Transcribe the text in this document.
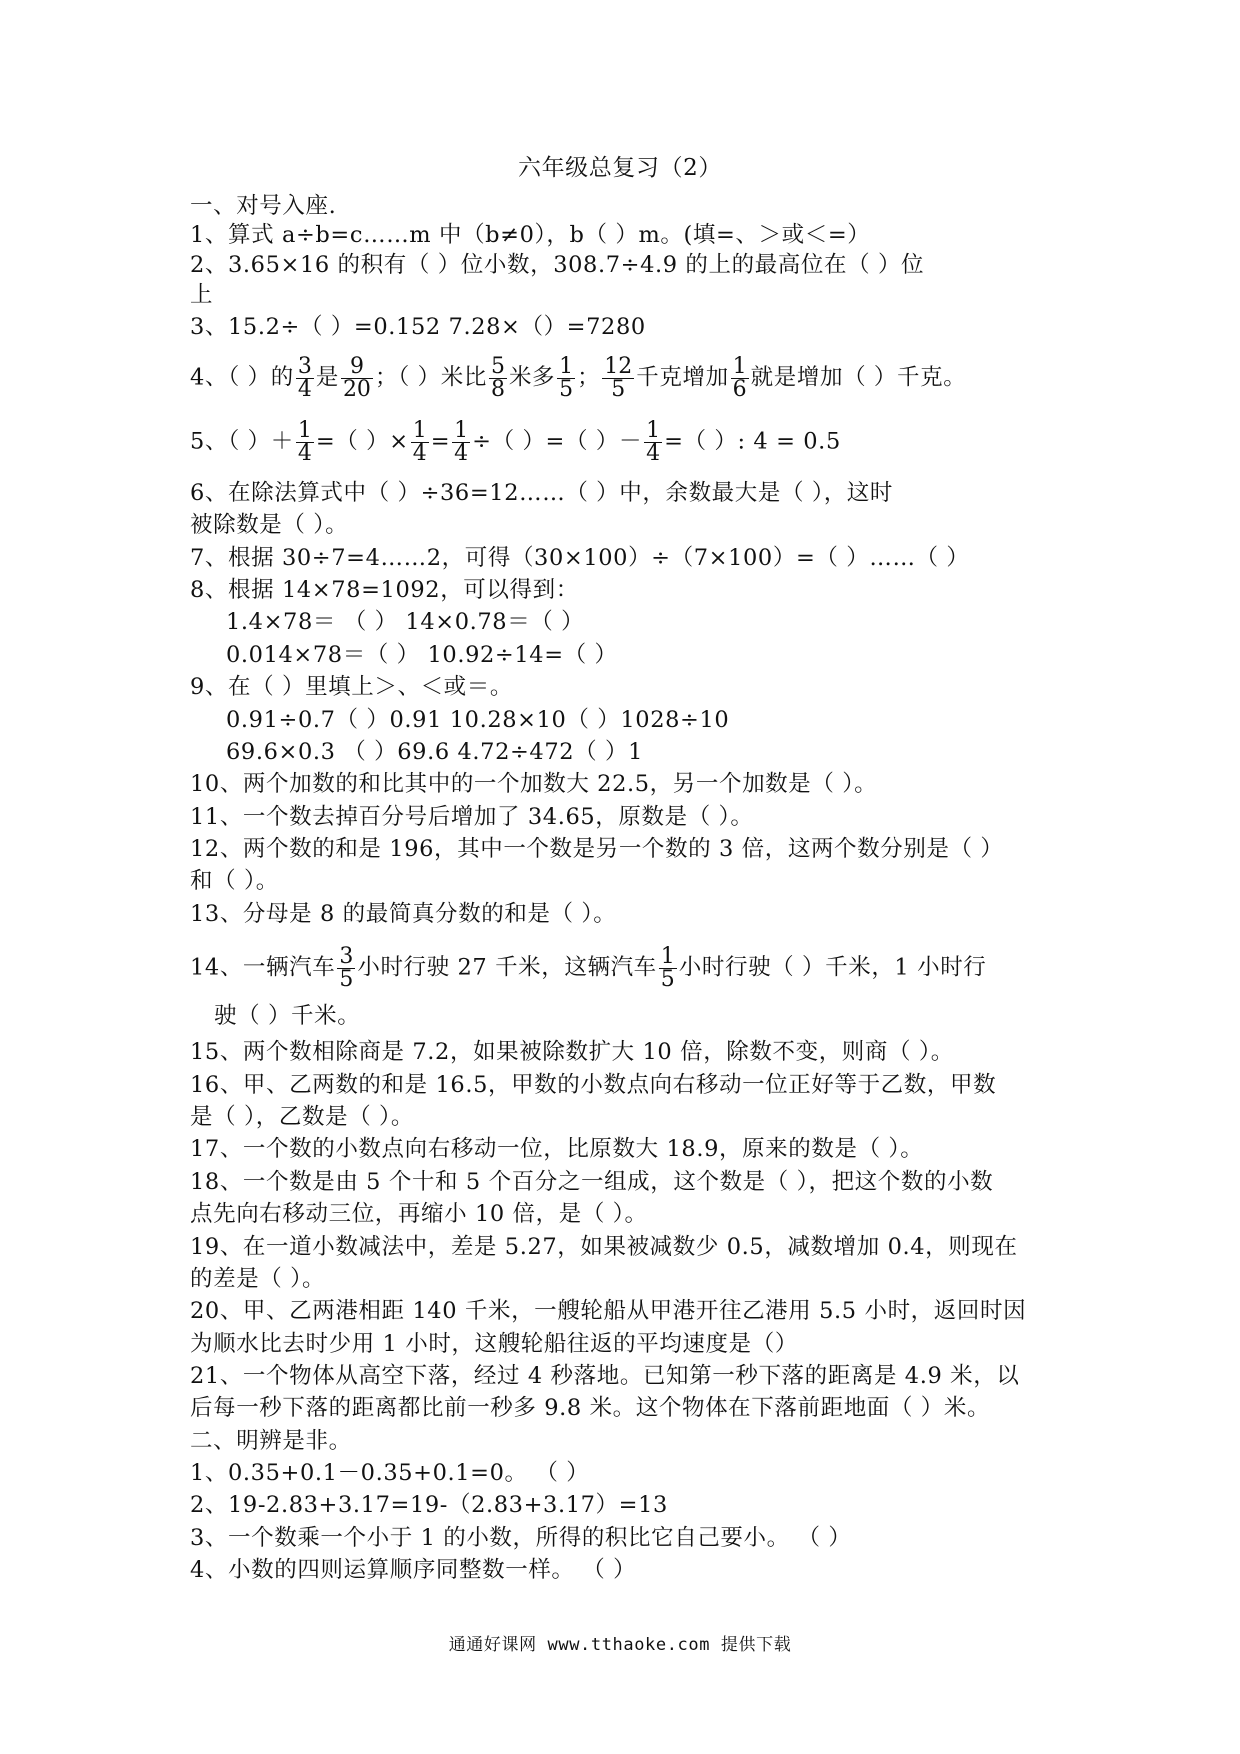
六年级总复习（2）
一、对号入座.
1、算式 a÷b=c……m 中（b≠0），b（ ）m。(填=、＞或＜=）
2、3.65×16 的积有（ ）位小数，308.7÷4.9 的上的最高位在（ ）位
上
3、15.2÷（ ）=0.152 7.28×（）=7280
4、（ ）的 $\frac{3}{4}$ 是 $\frac{9}{20}$ ；（ ）米比 $\frac{5}{8}$ 米多 $\frac{1}{5}$ ； $\frac{12}{5}$ 千克增加 $\frac{1}{6}$ 就是增加（ ）千克。
5、（ ）＋ $\frac{1}{4}$ =（ ）× $\frac{1}{4} = \frac{1}{4}$ ÷（ ）=（ ）－ $\frac{1}{4}$ =（ ）: 4 = 0.5
6、在除法算式中（ ）÷36=12……（ ）中，余数最大是（ ），这时
被除数是（ ）。
7、根据 30÷7=4……2，可得（30×100）÷（7×100）=（ ）……（ ）
8、根据 14×78=1092，可以得到：
1.4×78＝ （ ） 14×0.78＝（ ）
0.014×78＝（ ） 10.92÷14=（ ）
9、在（ ）里填上＞、＜或＝。
0.91÷0.7（ ）0.91 10.28×10（ ）1028÷10
69.6×0.3 （ ）69.6 4.72÷472（ ）1
10、两个加数的和比其中的一个加数大 22.5，另一个加数是（ ）。
11、一个数去掉百分号后增加了 34.65，原数是（ ）。
12、两个数的和是 196，其中一个数是另一个数的 3 倍，这两个数分别是（ ）
和（ ）。
13、分母是 8 的最简真分数的和是（ ）。
14、一辆汽车 $\frac{3}{5}$ 小时行驶 27 千米，这辆汽车 $\frac{1}{5}$ 小时行驶（ ）千米，1 小时行
驶（ ）千米。
15、两个数相除商是 7.2，如果被除数扩大 10 倍，除数不变，则商（ ）。
16、甲、乙两数的和是 16.5，甲数的小数点向右移动一位正好等于乙数，甲数
是（ ），乙数是（ ）。
17、一个数的小数点向右移动一位，比原数大 18.9，原来的数是（ ）。
18、一个数是由 5 个十和 5 个百分之一组成，这个数是（ ），把这个数的小数
点先向右移动三位，再缩小 10 倍，是（ ）。
19、在一道小数减法中，差是 5.27，如果被减数少 0.5，减数增加 0.4，则现在
的差是（ ）。
20、甲、乙两港相距 140 千米，一艘轮船从甲港开往乙港用 5.5 小时，返回时因
为顺水比去时少用 1 小时，这艘轮船往返的平均速度是（）
21、一个物体从高空下落，经过 4 秒落地。已知第一秒下落的距离是 4.9 米，以
后每一秒下落的距离都比前一秒多 9.8 米。这个物体在下落前距地面（ ）米。
二、明辨是非。
1、0.35+0.1－0.35+0.1=0。 （ ）
2、19-2.83+3.17=19-（2.83+3.17）=13
3、一个数乘一个小于 1 的小数，所得的积比它自己要小。 （ ）
4、小数的四则运算顺序同整数一样。 （ ）
通通好课网 www.tthaoke.com 提供下载
